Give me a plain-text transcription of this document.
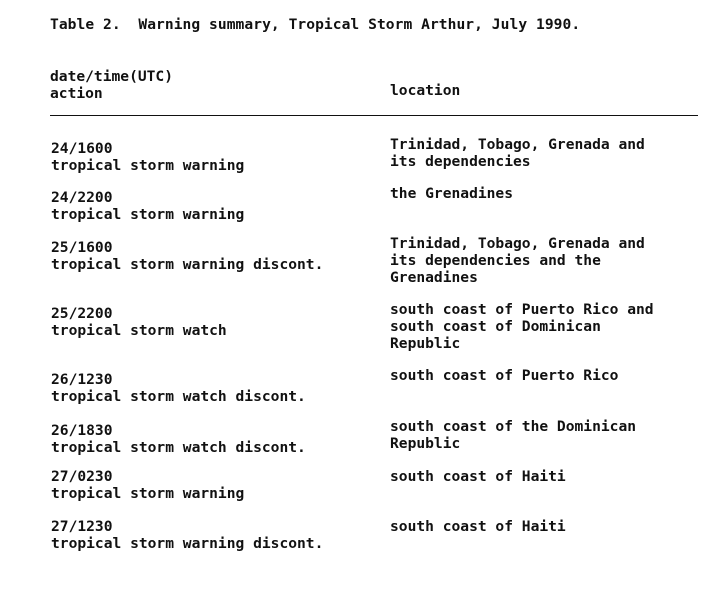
Table 2.  Warning summary, Tropical Storm Arthur, July 1990.
date/time(UTC)
action	location
24/1600
tropical storm warning
Trinidad, Tobago, Grenada and
its dependencies
24/2200
tropical storm warning
the Grenadines
25/1600
tropical storm warning discont.
Trinidad, Tobago, Grenada and
its dependencies and the
Grenadines
25/2200
tropical storm watch
south coast of Puerto Rico and
south coast of Dominican
Republic
26/1230
tropical storm watch discont.
south coast of Puerto Rico
26/1830
tropical storm watch discont.
south coast of the Dominican
Republic
27/0230
tropical storm warning
south coast of Haiti
27/1230
tropical storm warning discont.
south coast of Haiti
